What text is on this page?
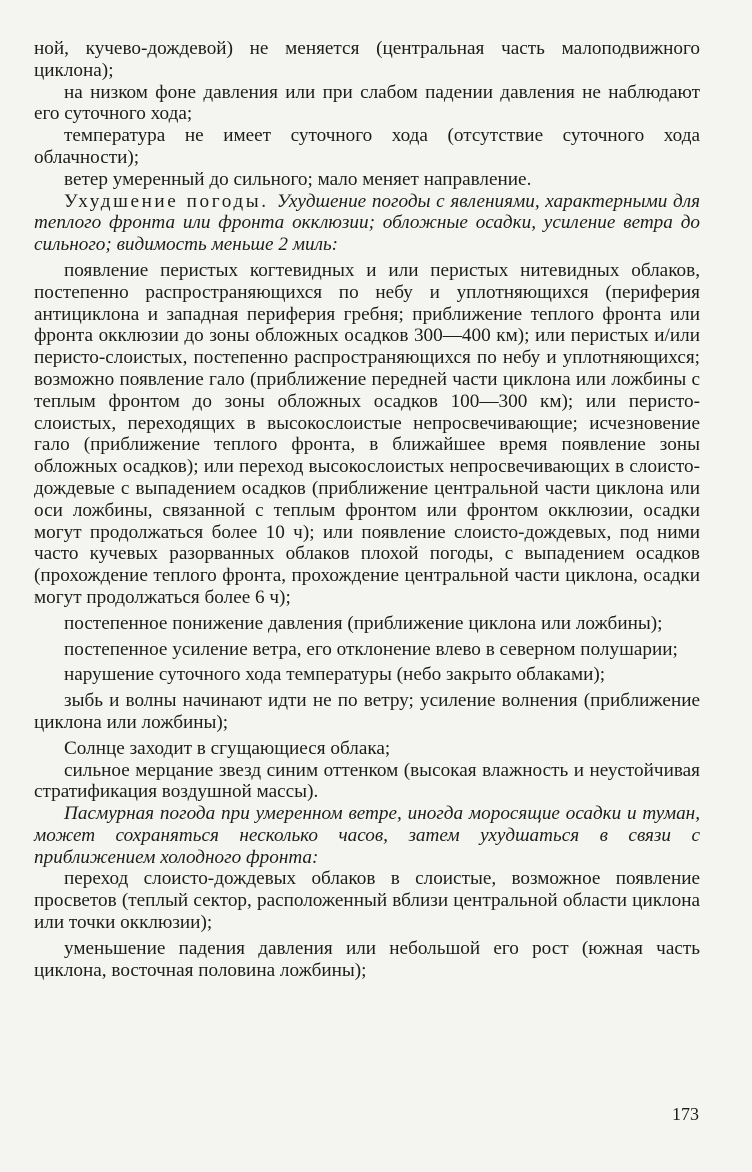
ной, кучево-дождевой) не меняется (центральная часть малоподвижного циклона);

на низком фоне давления или при слабом падении давления не наблюдают его суточного хода;

температура не имеет суточного хода (отсутствие суточного хода облачности);

ветер умеренный до сильного; мало меняет направление.

Ухудшение погоды. Ухудшение погоды с явлениями, характерными для теплого фронта или фронта окклюзии; обложные осадки, усиление ветра до сильного; видимость меньше 2 миль:

появление перистых когтевидных и или перистых нитевидных облаков, постепенно распространяющихся по небу и уплотняющихся (периферия антициклона и западная периферия гребня; приближение теплого фронта или фронта окклюзии до зоны обложных осадков 300—400 км); или перистых и/или перисто-слоистых, постепенно распространяющихся по небу и уплотняющихся; возможно появление гало (приближение передней части циклона или ложбины с теплым фронтом до зоны обложных осадков 100—300 км); или перисто-слоистых, переходящих в высокослоистые непросвечивающие; исчезновение гало (приближение теплого фронта, в ближайшее время появление зоны обложных осадков); или переход высокослоистых непросвечивающих в слоисто-дождевые с выпадением осадков (приближение центральной части циклона или оси ложбины, связанной с теплым фронтом или фронтом окклюзии, осадки могут продолжаться более 10 ч); или появление слоисто-дождевых, под ними часто кучевых разорванных облаков плохой погоды, с выпадением осадков (прохождение теплого фронта, прохождение центральной части циклона, осадки могут продолжаться более 6 ч);

постепенное понижение давления (приближение циклона или ложбины);

постепенное усиление ветра, его отклонение влево в северном полушарии;

нарушение суточного хода температуры (небо закрыто облаками);

зыбь и волны начинают идти не по ветру; усиление волнения (приближение циклона или ложбины);

Солнце заходит в сгущающиеся облака;

сильное мерцание звезд синим оттенком (высокая влажность и неустойчивая стратификация воздушной массы).

Пасмурная погода при умеренном ветре, иногда моросящие осадки и туман, может сохраняться несколько часов, затем ухудшаться в связи с приближением холодного фронта:

переход слоисто-дождевых облаков в слоистые, возможное появление просветов (теплый сектор, расположенный вблизи центральной области циклона или точки окклюзии);

уменьшение падения давления или небольшой его рост (южная часть циклона, восточная половина ложбины);

173
